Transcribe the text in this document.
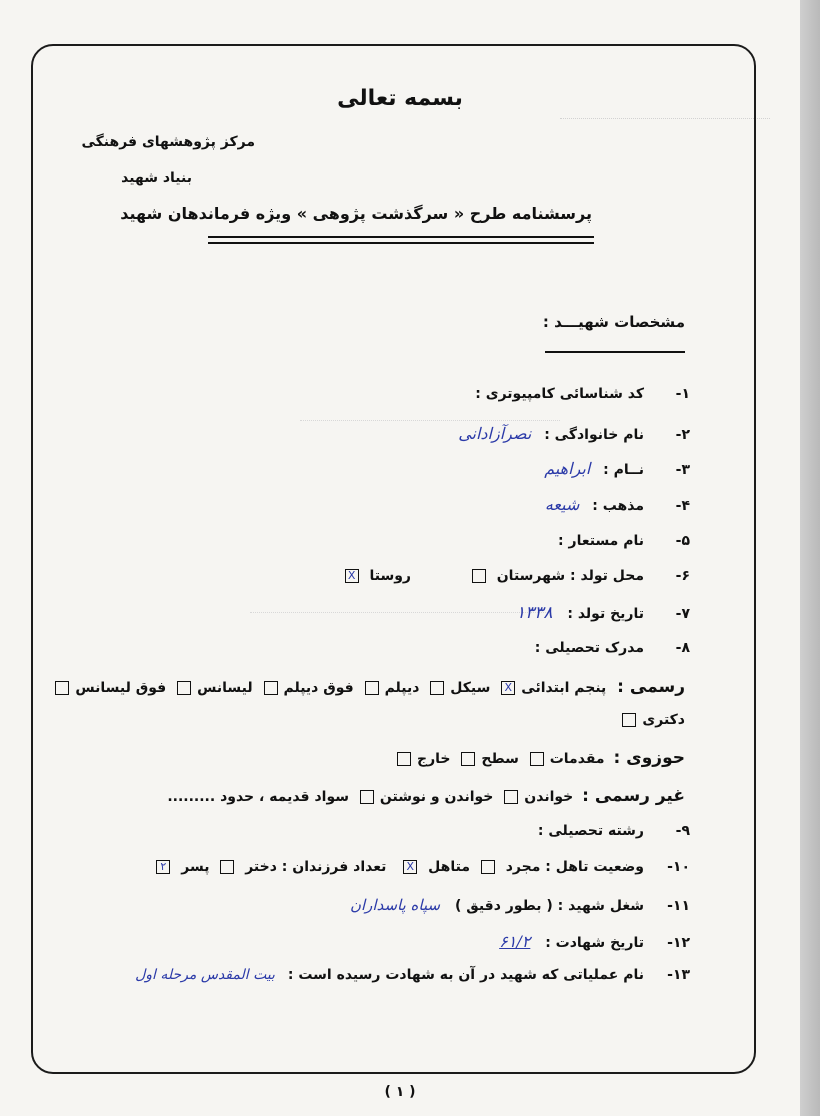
بسمه تعالی
مرکز پژوهشهای فرهنگی
بنیاد شهید
پرسشنامه طرح « سرگذشت پژوهی » ویژه فرماندهان شهید
مشخصات شهیـــد :
۱-کد شناسائی کامپیوتری :
۲-نام خانوادگی : نصرآزادانی
۳-نــام : ابراهیم
۴-مذهب : شیعه
۵-نام مستعار :
۶-محل تولد : شهرستان  روستا X
۷-تاریخ تولد : ۱۳۳۸
۸-مدرک تحصیلی :
رسمی : پنجم ابتدائیX سیکل دیپلم فوق دیپلم لیسانس فوق لیسانس
دکتری
حوزوی : مقدمات سطح خارج
غیر رسمی : خواندن خواندن و نوشتن سواد قدیمه ، حدود .........
۹-رشته تحصیلی :
۱۰-وضعیت تاهل : مجرد  متاهل X تعداد فرزندان : دختر  پسر ۲
۱۱-شغل شهید : ( بطور دقیق ) سپاه پاسداران
۱۲-تاریخ شهادت : ۶۱/۲
۱۳-نام عملیاتی که شهید در آن به شهادت رسیده است : بیت المقدس مرحله اول
( ۱ )
